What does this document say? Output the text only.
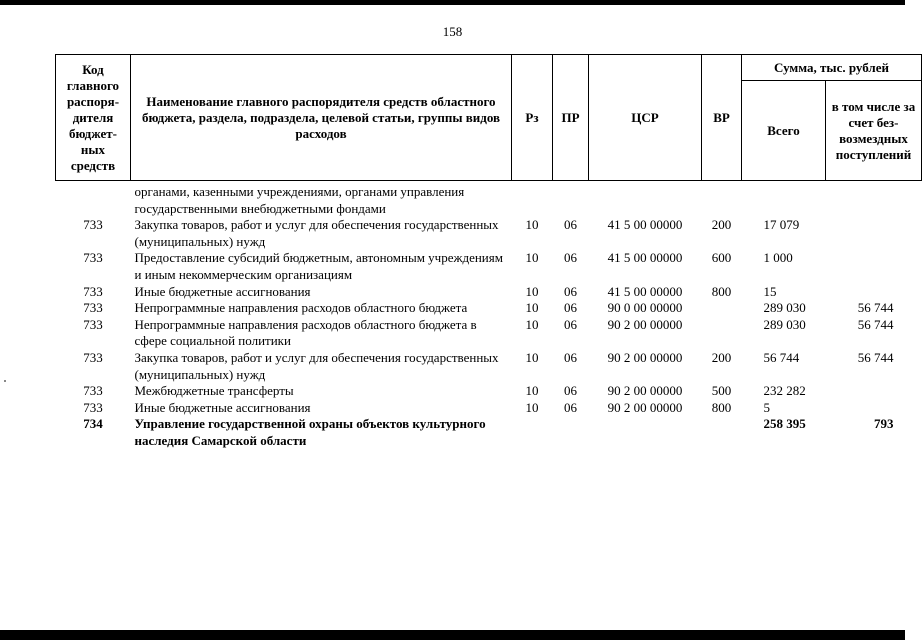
158
Код главного распоря- дителя бюджет- ных средств	Наименование главного распорядителя средств областного бюджета, раздела, подраздела, целевой статьи, группы видов расходов	Рз	ПР	ЦСР	ВР	Сумма, тыс. рублей	
						Всего	в том числе за счет без- возмездных поступлений
	органами, казенными учреждениями, органами управления государственными внебюджетными фондами						
733	Закупка товаров, работ и услуг для обеспечения государственных (муниципальных) нужд	10	06	41 5 00 00000	200	17 079	
733	Предоставление субсидий бюджетным, автономным учреждениям и иным некоммерческим организациям	10	06	41 5 00 00000	600	1 000	
733	Иные бюджетные ассигнования	10	06	41 5 00 00000	800	15	
733	Непрограммные направления расходов областного бюджета	10	06	90 0 00 00000		289 030	56 744
733	Непрограммные направления расходов областного бюджета в сфере социальной политики	10	06	90 2 00 00000		289 030	56 744
733	Закупка товаров, работ и услуг для обеспечения государственных (муниципальных) нужд	10	06	90 2 00 00000	200	56 744	56 744
733	Межбюджетные трансферты	10	06	90 2 00 00000	500	232 282	
733	Иные бюджетные ассигнования	10	06	90 2 00 00000	800	5	
734	Управление государственной охраны объектов культурного наследия Самарской области					258 395	793
